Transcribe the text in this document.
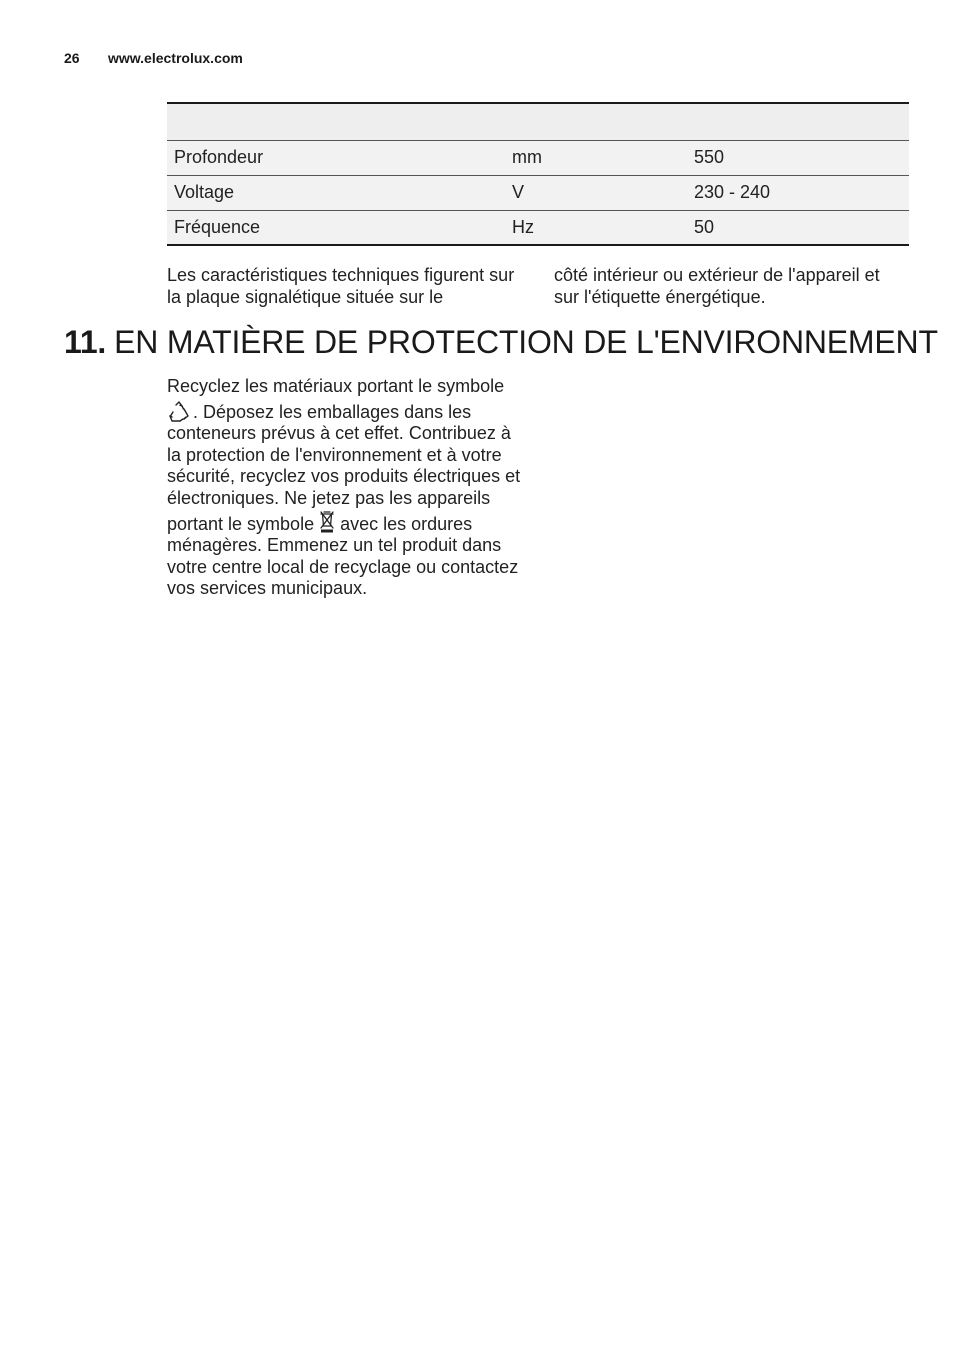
26 www.electrolux.com

Profondeur	mm	550
Voltage	V	230 - 240
Fréquence	Hz	50
Les caractéristiques techniques figurent sur la plaque signalétique située sur le
côté intérieur ou extérieur de l'appareil et sur l'étiquette énergétique.
11. EN MATIÈRE DE PROTECTION DE L'ENVIRONNEMENT

Recyclez les matériaux portant le symbole
. Déposez les emballages dans les conteneurs prévus à cet effet. Contribuez à la protection de l'environnement et à votre sécurité, recyclez vos produits électriques et électroniques. Ne jetez pas les appareils portant le symbole
avec les ordures ménagères. Emmenez un tel produit dans votre centre local de recyclage ou contactez vos services municipaux.
